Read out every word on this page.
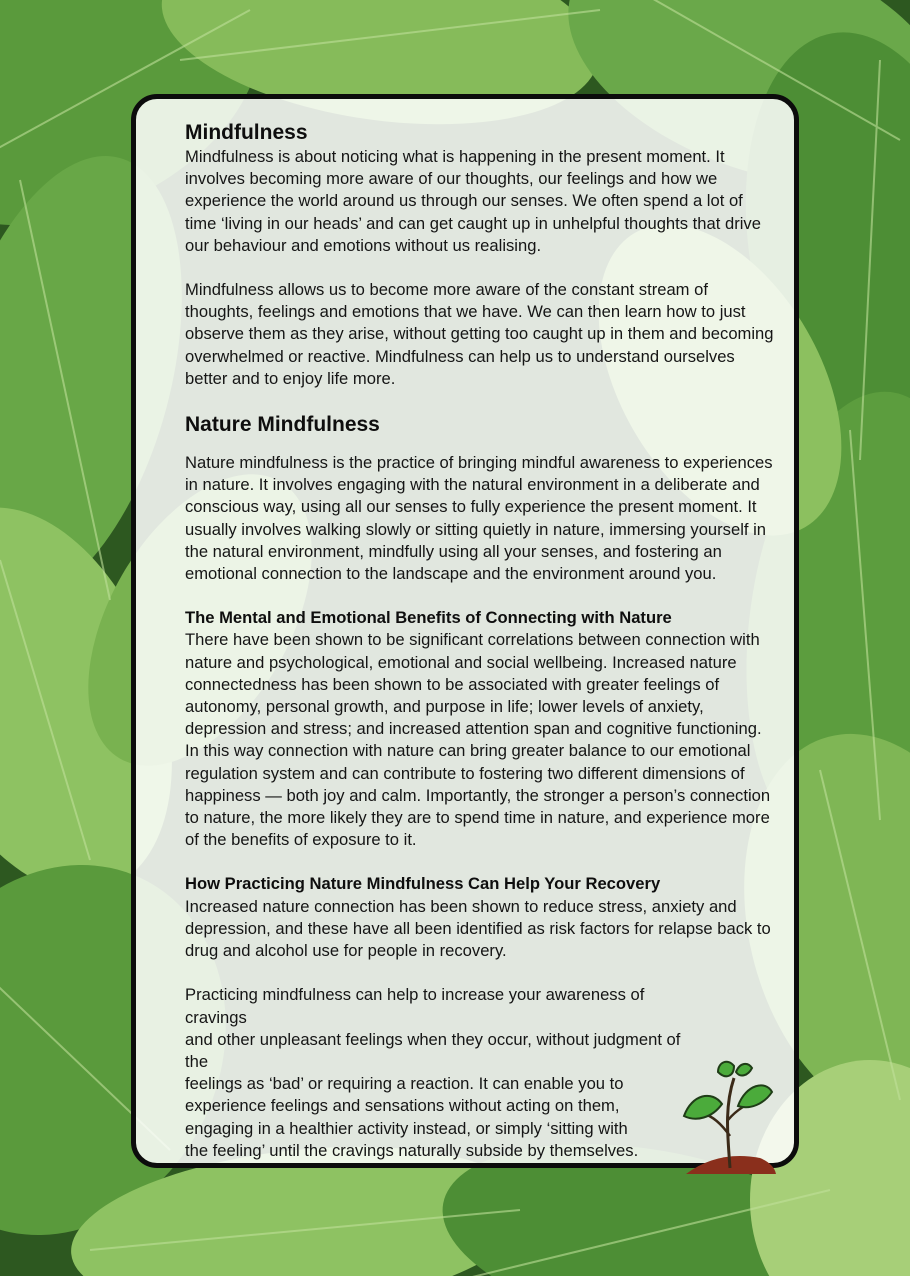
Mindfulness

Mindfulness is about noticing what is happening in the present moment. It involves becoming more aware of our thoughts, our feelings and how we experience the world around us through our senses. We often spend a lot of time ‘living in our heads’ and can get caught up in unhelpful thoughts that drive our behaviour and emotions without us realising.

Mindfulness allows us to become more aware of the constant stream of thoughts, feelings and emotions that we have. We can then learn how to just observe them as they arise, without getting too caught up in them and becoming overwhelmed or reactive. Mindfulness can help us to understand ourselves better and to enjoy life more.

Nature Mindfulness

Nature mindfulness is the practice of bringing mindful awareness to experiences in nature. It involves engaging with the natural environment in a deliberate and conscious way, using all our senses to fully experience the present moment. It usually involves walking slowly or sitting quietly in nature, immersing yourself in the natural environment, mindfully using all your senses, and fostering an emotional connection to the landscape and the environment around you.

The Mental and Emotional Benefits of Connecting with Nature

There have been shown to be significant correlations between connection with nature and psychological, emotional and social wellbeing. Increased nature connectedness has been shown to be associated with greater feelings of autonomy, personal growth, and purpose in life; lower levels of anxiety, depression and stress; and increased attention span and cognitive functioning. In this way connection with nature can bring greater balance to our emotional regulation system and can contribute to fostering two different dimensions of happiness — both joy and calm. Importantly, the stronger a person’s connection to nature, the more likely they are to spend time in nature, and experience more of the benefits of exposure to it.

How Practicing Nature Mindfulness Can Help Your Recovery

Increased nature connection has been shown to reduce stress, anxiety and depression, and these have all been identified as risk factors for relapse back to drug and alcohol use for people in recovery.

Practicing mindfulness can help to increase your awareness of cravings
and other unpleasant feelings when they occur, without judgment of the
feelings as ‘bad’ or requiring a reaction. It can enable you to
experience feelings and sensations without acting on them,
engaging in a healthier activity instead, or simply ‘sitting with
the feeling’ until the cravings naturally subside by themselves.
